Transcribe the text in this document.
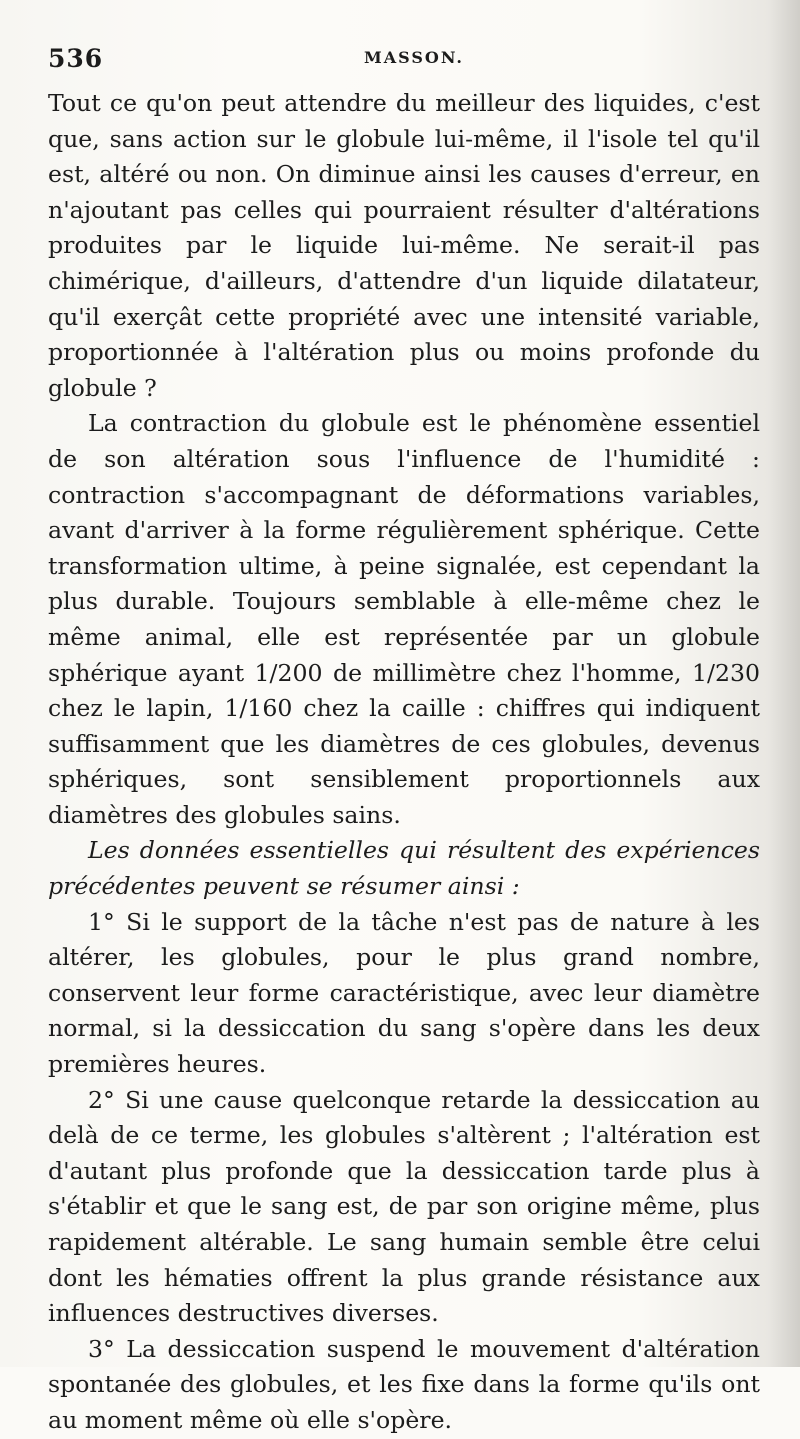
536	MASSON.

Tout ce qu'on peut attendre du meilleur des liquides, c'est que, sans action sur le globule lui-même, il l'isole tel qu'il est, altéré ou non. On diminue ainsi les causes d'erreur, en n'ajoutant pas celles qui pourraient résulter d'altérations produites par le liquide lui-même. Ne serait-il pas chimérique, d'ailleurs, d'attendre d'un liquide dilatateur, qu'il exerçât cette propriété avec une intensité variable, proportionnée à l'altération plus ou moins profonde du globule ?

La contraction du globule est le phénomène essentiel de son altération sous l'influence de l'humidité : contraction s'accompagnant de déformations variables, avant d'arriver à la forme régulièrement sphérique. Cette transformation ultime, à peine signalée, est cependant la plus durable. Toujours semblable à elle-même chez le même animal, elle est représentée par un globule sphérique ayant 1/200 de millimètre chez l'homme, 1/230 chez le lapin, 1/160 chez la caille : chiffres qui indiquent suffisamment que les diamètres de ces globules, devenus sphériques, sont sensiblement proportionnels aux diamètres des globules sains.

Les données essentielles qui résultent des expériences précédentes peuvent se résumer ainsi :

1° Si le support de la tâche n'est pas de nature à les altérer, les globules, pour le plus grand nombre, conservent leur forme caractéristique, avec leur diamètre normal, si la dessiccation du sang s'opère dans les deux premières heures.

2° Si une cause quelconque retarde la dessiccation au delà de ce terme, les globules s'altèrent ; l'altération est d'autant plus profonde que la dessiccation tarde plus à s'établir et que le sang est, de par son origine même, plus rapidement altérable. Le sang humain semble être celui dont les hématies offrent la plus grande résistance aux influences destructives diverses.

3° La dessiccation suspend le mouvement d'altération spontanée des globules, et les fixe dans la forme qu'ils ont au moment même où elle s'opère.
